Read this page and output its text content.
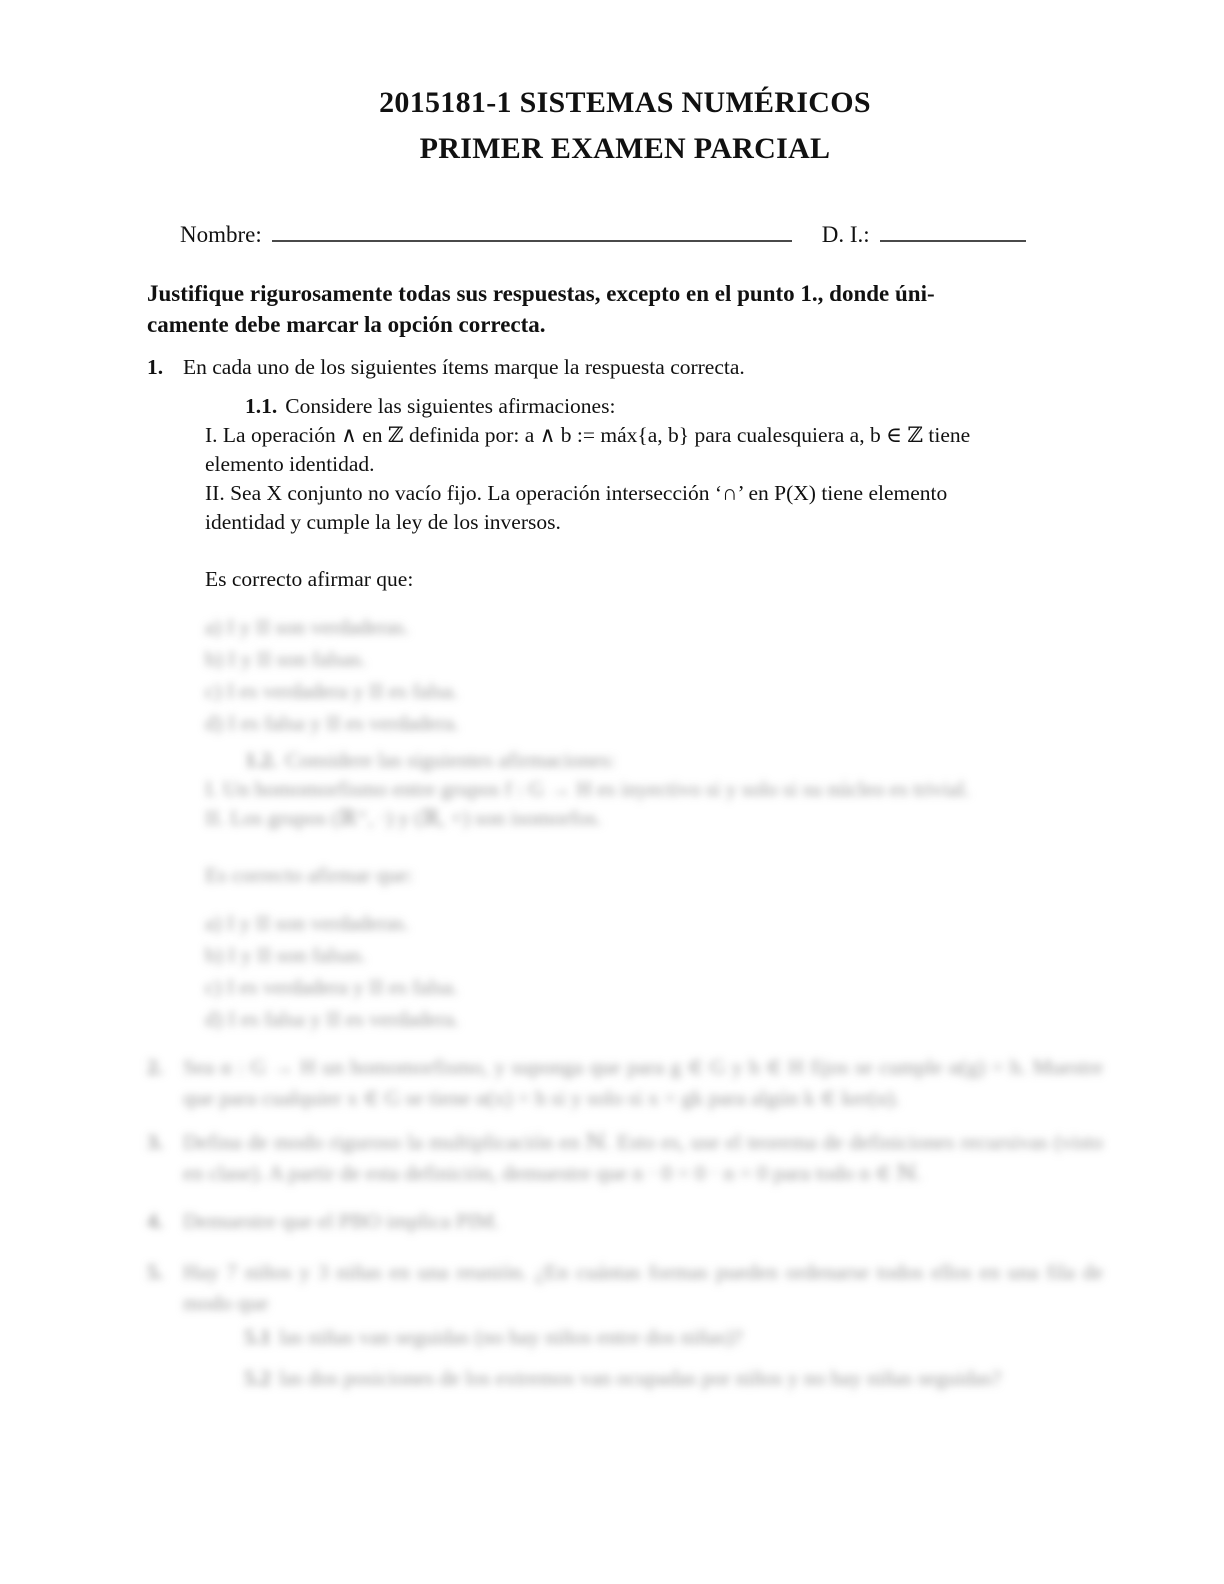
2015181-1 SISTEMAS NUMÉRICOS
PRIMER EXAMEN PARCIAL
Nombre:	D. I.:
Justifique rigurosamente todas sus respuestas, excepto en el punto 1., donde úni-
camente debe marcar la opción correcta.
1. En cada uno de los siguientes ítems marque la respuesta correcta.
1.1. Considere las siguientes afirmaciones:
I. La operación ∧ en ℤ definida por: a ∧ b := máx{a, b} para cualesquiera a, b ∈ ℤ tiene
elemento identidad.
II. Sea X conjunto no vacío fijo. La operación intersección ‘∩’ en P(X) tiene elemento
identidad y cumple la ley de los inversos.
Es correcto afirmar que:
a) I y II son verdaderas.
b) I y II son falsas.
c) I es verdadera y II es falsa.
d) I es falsa y II es verdadera.
1.2. Considere las siguientes afirmaciones:
I. Un homomorfismo entre grupos f : G → H es inyectivo si y solo si su núcleo es trivial.
II. Los grupos (ℝ⁺, ·) y (ℝ, +) son isomorfos.
Es correcto afirmar que:
a) I y II son verdaderas.
b) I y II son falsas.
c) I es verdadera y II es falsa.
d) I es falsa y II es verdadera.
2. Sea α : G → H un homomorfismo, y suponga que para g ∈ G y h ∈ H fijos se cumple α(g) = h. Muestre que para cualquier x ∈ G se tiene α(x) = h si y solo si x = gk para algún k ∈ ker(α).
3. Defina de modo riguroso la multiplicación en ℕ. Esto es, use el teorema de definiciones recursivas (visto en clase). A partir de esta definición, demuestre que n · 0 = 0 · n = 0 para todo n ∈ ℕ.
4. Demuestre que el PBO implica PIM.
5. Hay 7 niños y 3 niñas en una reunión. ¿En cuántas formas pueden ordenarse todos ellos en una fila de modo que
5.1 las niñas van seguidas (no hay niños entre dos niñas)?
5.2 las dos posiciones de los extremos van ocupadas por niños y no hay niñas seguidas?
